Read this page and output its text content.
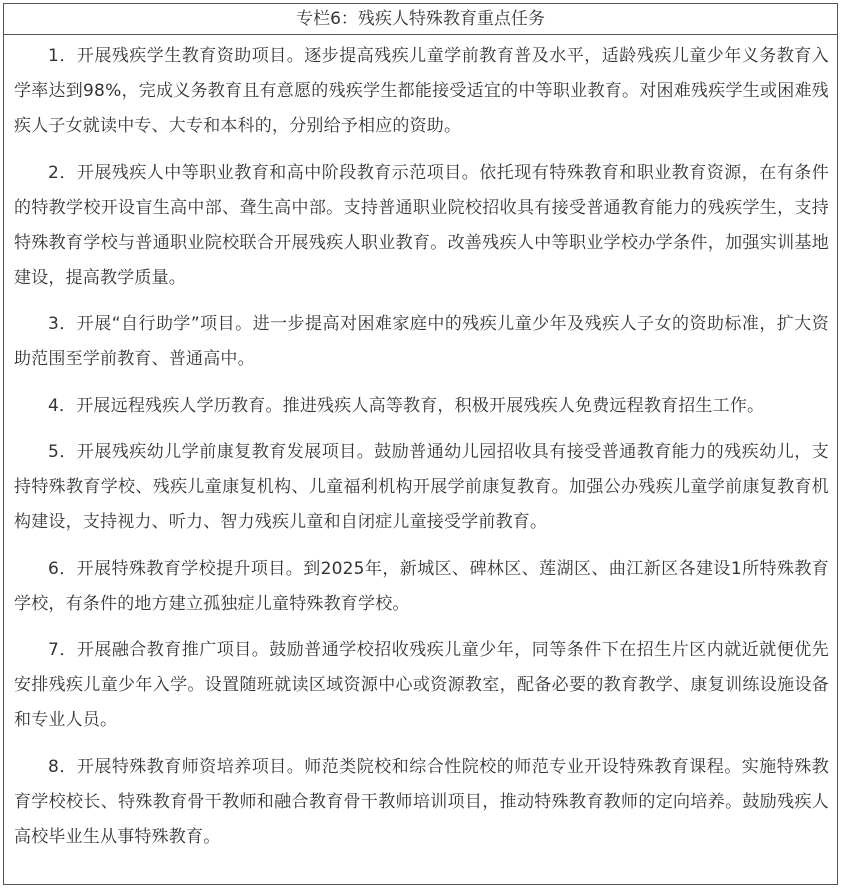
专栏6：残疾人特殊教育重点任务

1．开展残疾学生教育资助项目。逐步提高残疾儿童学前教育普及水平，适龄残疾儿童少年义务教育入学率达到98%，完成义务教育且有意愿的残疾学生都能接受适宜的中等职业教育。对困难残疾学生或困难残疾人子女就读中专、大专和本科的，分别给予相应的资助。

2．开展残疾人中等职业教育和高中阶段教育示范项目。依托现有特殊教育和职业教育资源，在有条件的特教学校开设盲生高中部、聋生高中部。支持普通职业院校招收具有接受普通教育能力的残疾学生，支持特殊教育学校与普通职业院校联合开展残疾人职业教育。改善残疾人中等职业学校办学条件，加强实训基地建设，提高教学质量。

3．开展“自行助学”项目。进一步提高对困难家庭中的残疾儿童少年及残疾人子女的资助标准，扩大资助范围至学前教育、普通高中。

4．开展远程残疾人学历教育。推进残疾人高等教育，积极开展残疾人免费远程教育招生工作。

5．开展残疾幼儿学前康复教育发展项目。鼓励普通幼儿园招收具有接受普通教育能力的残疾幼儿，支持特殊教育学校、残疾儿童康复机构、儿童福利机构开展学前康复教育。加强公办残疾儿童学前康复教育机构建设，支持视力、听力、智力残疾儿童和自闭症儿童接受学前教育。

6．开展特殊教育学校提升项目。到2025年，新城区、碑林区、莲湖区、曲江新区各建设1所特殊教育学校，有条件的地方建立孤独症儿童特殊教育学校。

7．开展融合教育推广项目。鼓励普通学校招收残疾儿童少年，同等条件下在招生片区内就近就便优先安排残疾儿童少年入学。设置随班就读区域资源中心或资源教室，配备必要的教育教学、康复训练设施设备和专业人员。

8．开展特殊教育师资培养项目。师范类院校和综合性院校的师范专业开设特殊教育课程。实施特殊教育学校校长、特殊教育骨干教师和融合教育骨干教师培训项目，推动特殊教育教师的定向培养。鼓励残疾人高校毕业生从事特殊教育。
